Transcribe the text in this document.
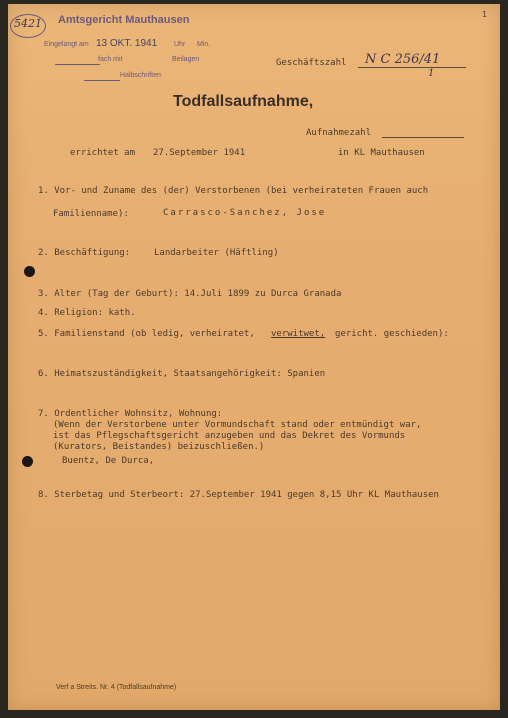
5421 Amtsgericht Mauthausen
Eingelangt am 13 OKT. 1941 Uhr Min.
fach mit	Beilagen
Halbschriften
1
Geschäftszahl N C 256/41
1
Todfallsaufnahme,
Aufnahmezahl
errichtet am 27.September 1941	in KL Mauthausen
1. Vor- und Zuname des (der) Verstorbenen (bei verheirateten Frauen auch
Familienname):	Carrasco-Sanchez, Jose
2. Beschäftigung:	Landarbeiter (Häftling)
3. Alter (Tag der Geburt): 14.Juli 1899 zu Durca Granada
4. Religion: kath.
5. Familienstand (ob ledig, verheiratet, verwitwet, gericht. geschieden):
6. Heimatszuständigkeit, Staatsangehörigkeit: Spanien
7. Ordentlicher Wohnsitz, Wohnung:
(Wenn der Verstorbene unter Vormundschaft stand oder entmündigt war,
ist das Pflegschaftsgericht anzugeben und das Dekret des Vormunds
(Kurators, Beistandes) beizuschließen.)
Buentz, De Durca,
8. Sterbetag und Sterbeort: 27.September 1941 gegen 8,15 Uhr KL Mauthausen
Verf a Streits. Nr. 4 (Todfallsaufnahme)
